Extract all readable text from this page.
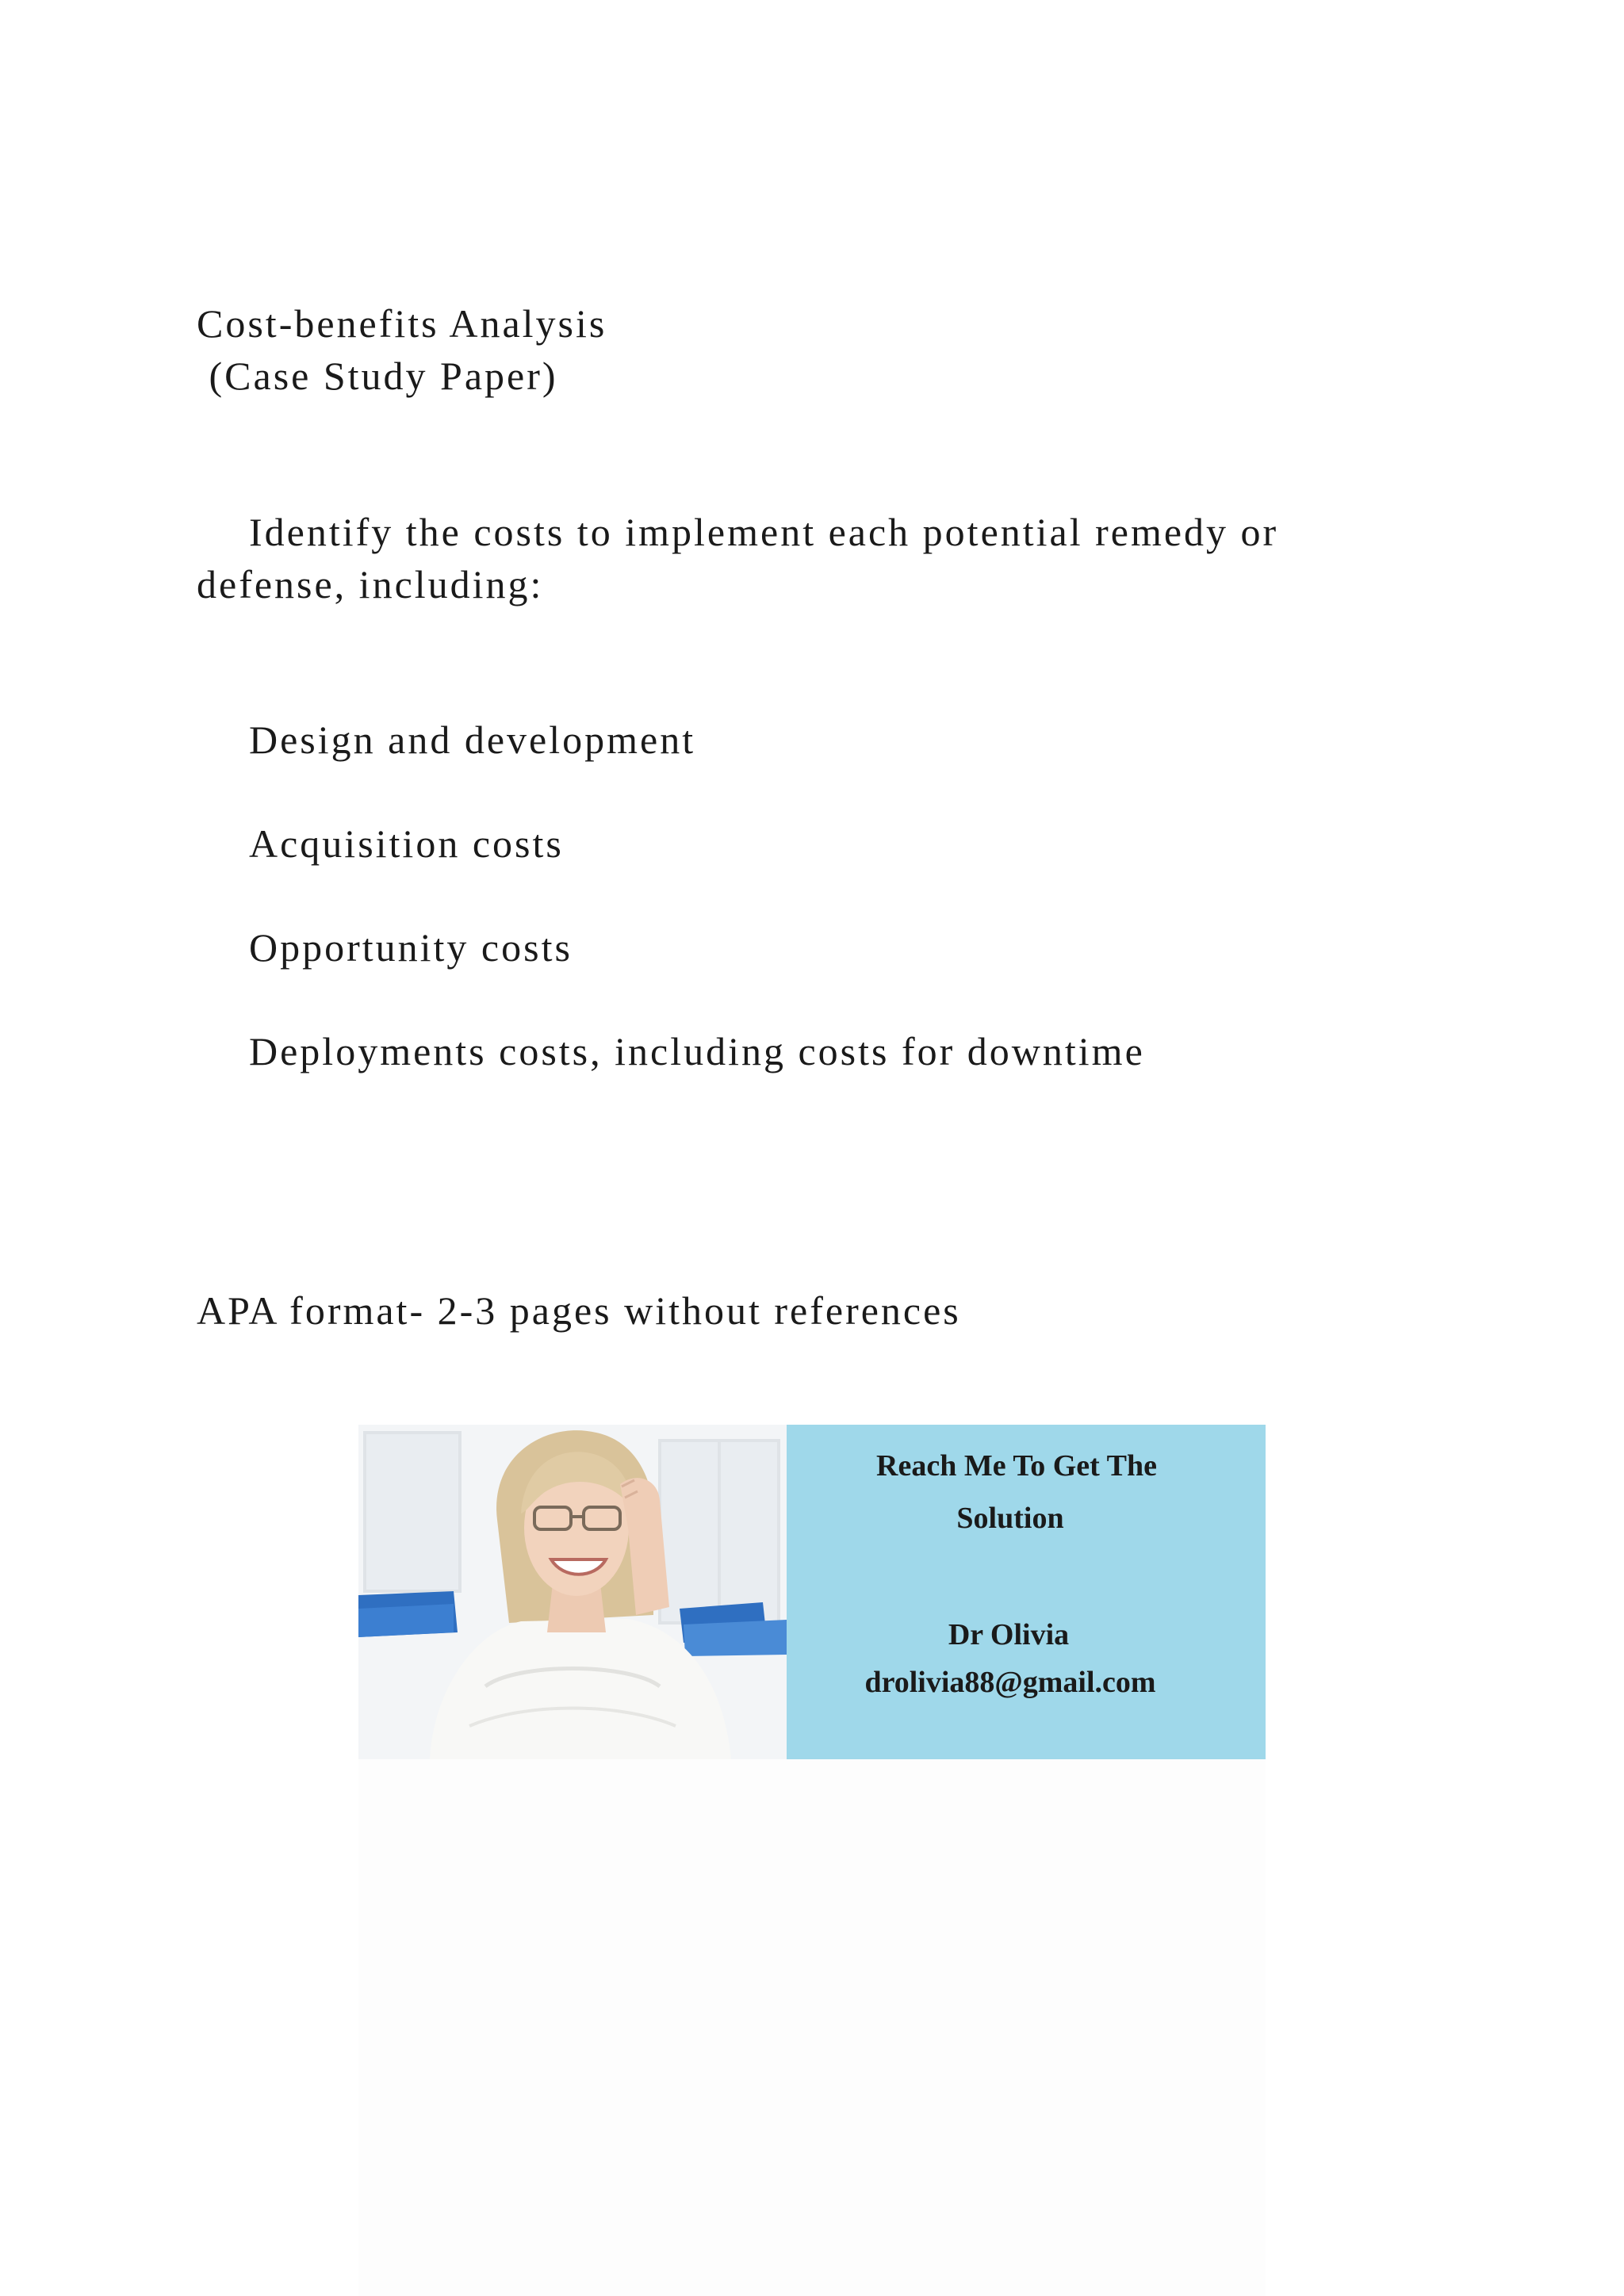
Cost-benefits Analysis

(Case Study Paper)

Identify the costs to implement each potential remedy or

defense, including:

Design and development

Acquisition costs

Opportunity costs

Deployments costs, including costs for downtime

APA format- 2-3 pages without references

Reach Me To Get The

Solution

Dr Olivia

drolivia88@gmail.com
